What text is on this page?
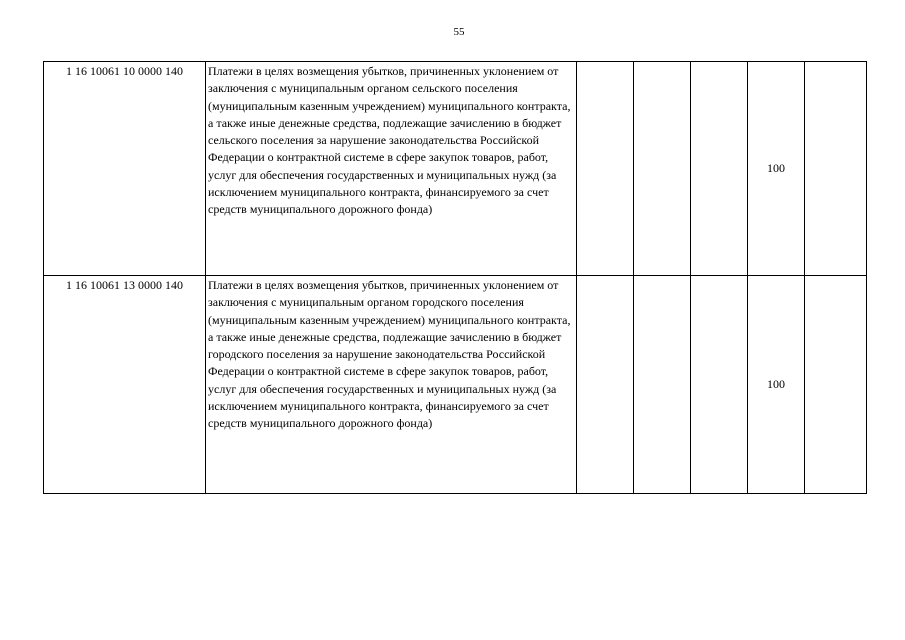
55
1 16 10061 10 0000 140	Платежи в целях возмещения убытков, причиненных уклонением от заключения с муниципальным органом сельского поселения (муниципальным казенным учреждением) муниципального контракта, а также иные денежные средства, подлежащие зачислению в бюджет сельского поселения за нарушение законодательства Российской Федерации о контрактной системе в сфере закупок товаров, работ, услуг для обеспечения государственных и муниципальных нужд (за исключением муниципального контракта, финансируемого за счет средств муниципального дорожного фонда)				100	
1 16 10061 13 0000 140	Платежи в целях возмещения убытков, причиненных уклонением от заключения с муниципальным органом городского поселения (муниципальным казенным учреждением) муниципального контракта, а также иные денежные средства, подлежащие зачислению в бюджет городского поселения за нарушение законодательства Российской Федерации о контрактной системе в сфере закупок товаров, работ, услуг для обеспечения государственных и муниципальных нужд (за исключением муниципального контракта, финансируемого за счет средств муниципального дорожного фонда)				100	
